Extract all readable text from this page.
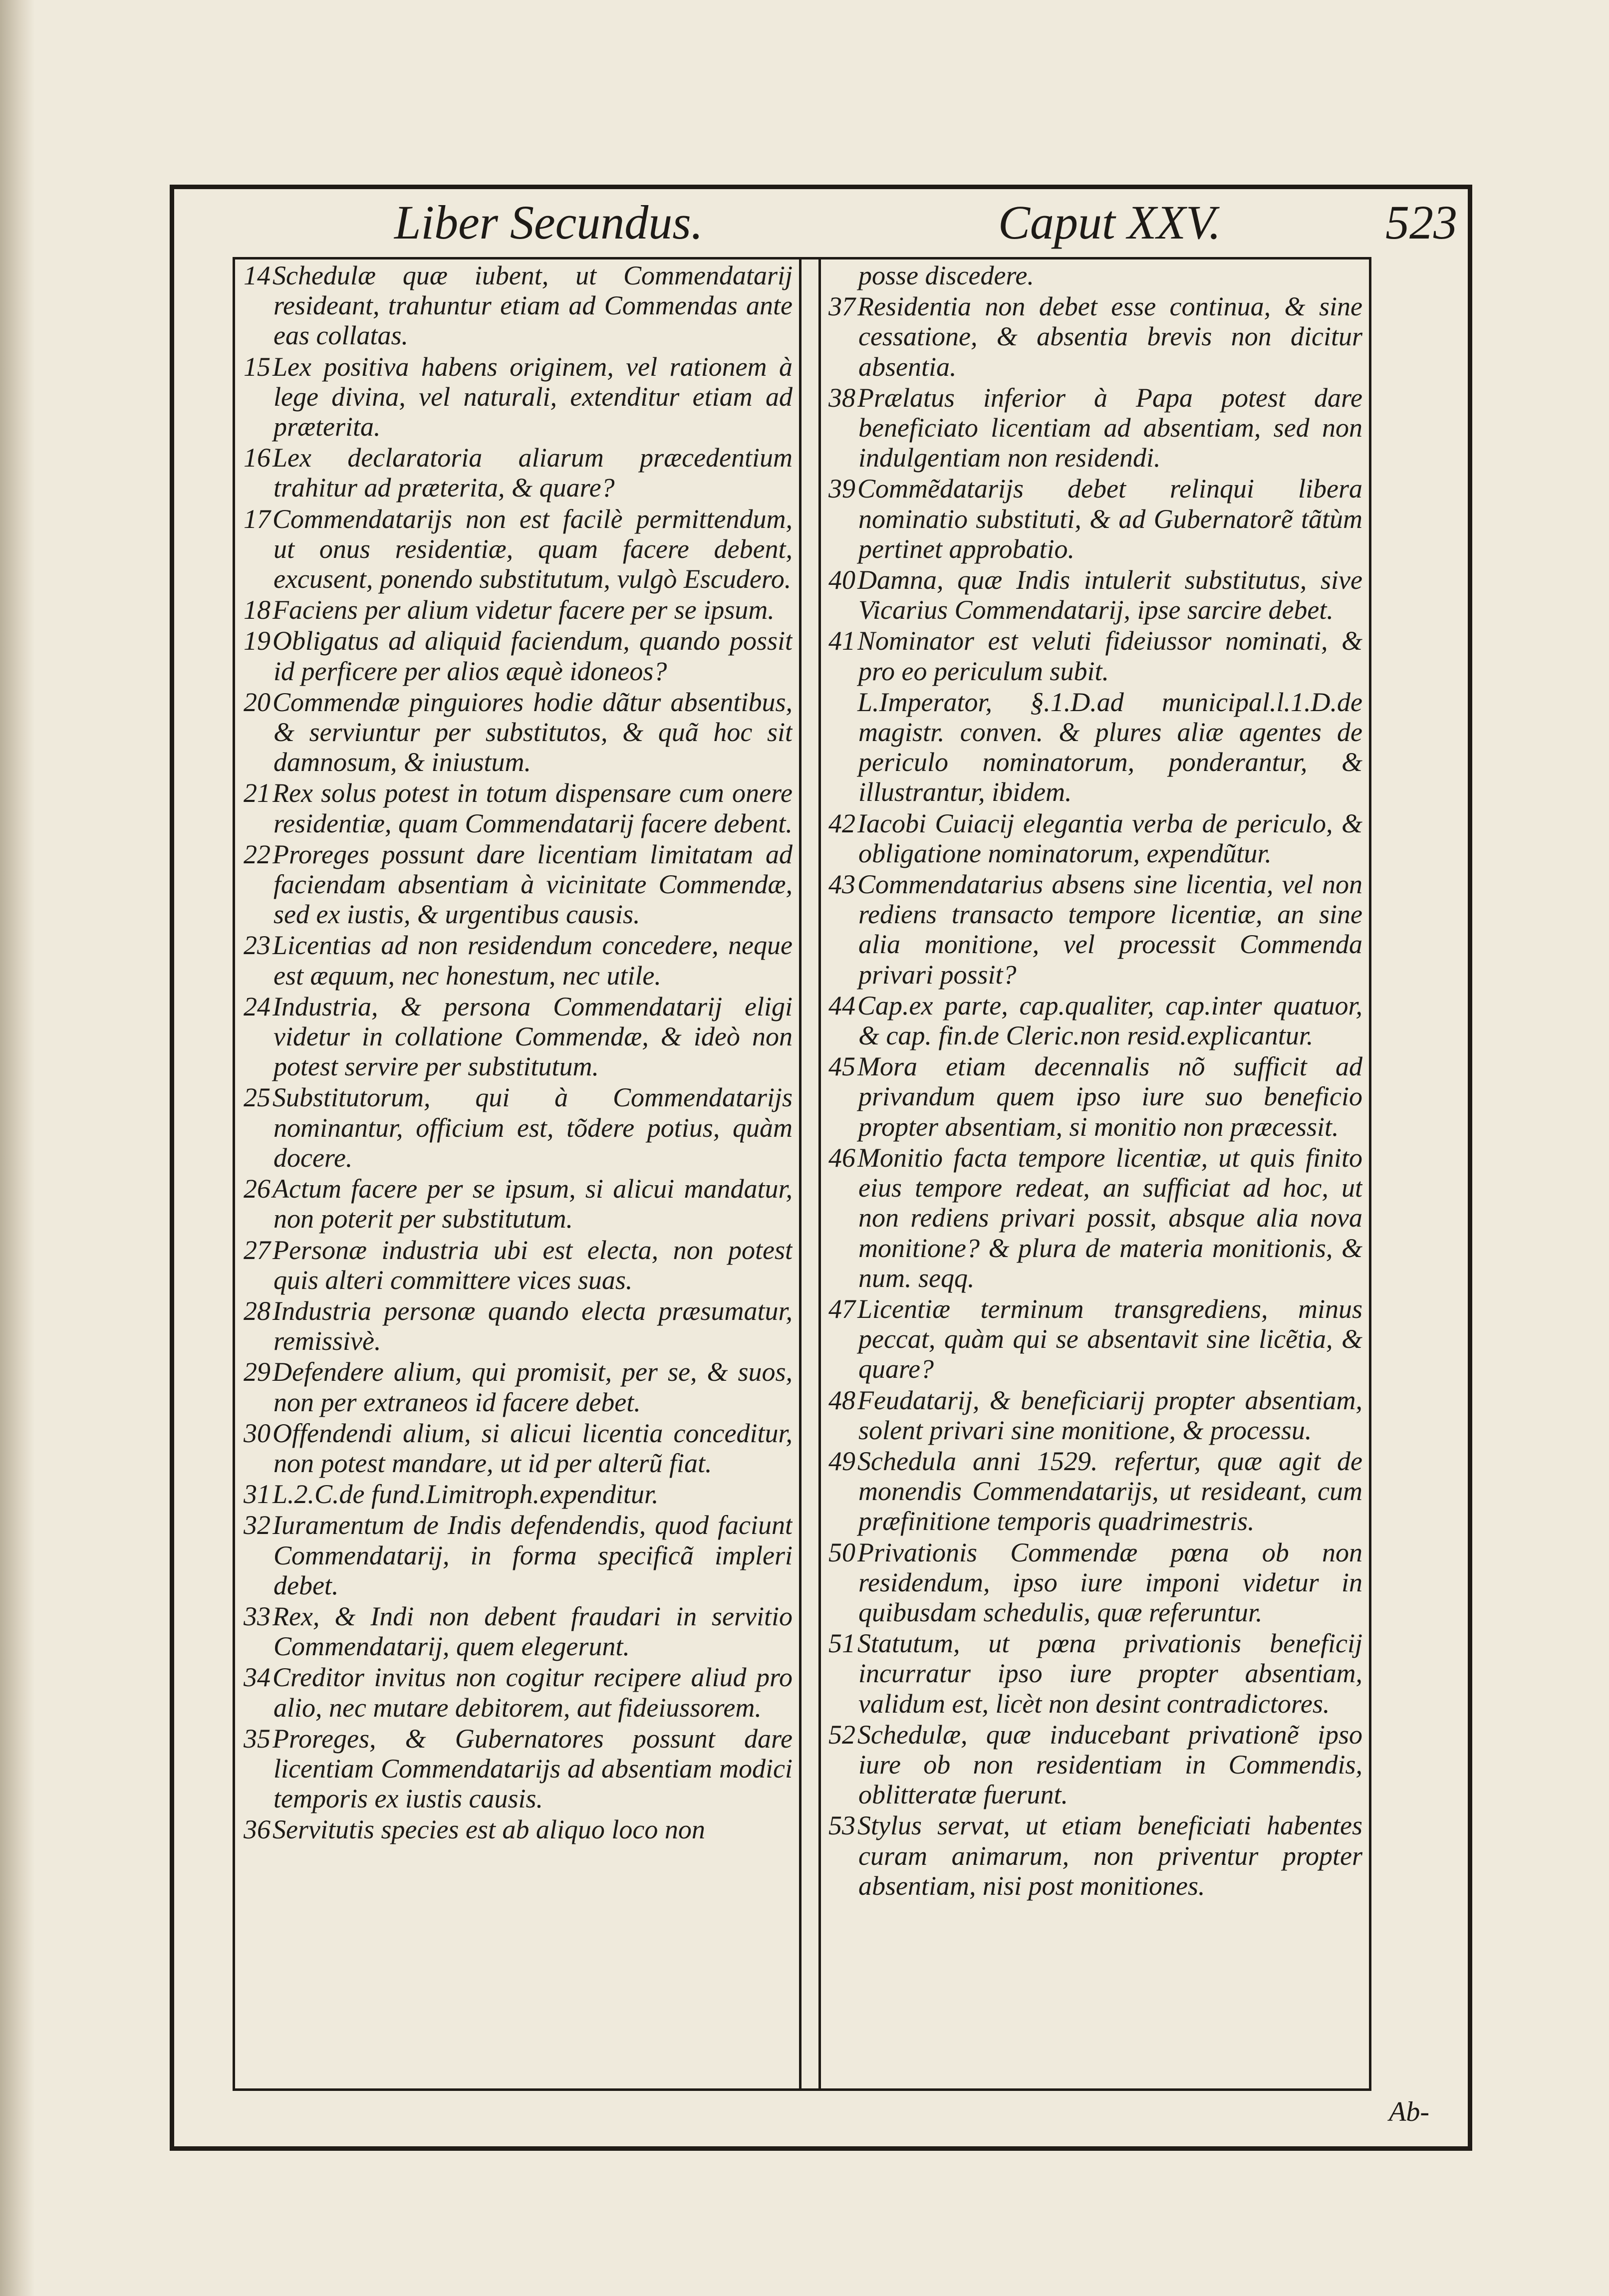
Liber Secundus.	Caput XXV.	523
14Schedulæ quæ iubent, ut Commendatarij resideant, trahuntur etiam ad Commendas ante eas collatas.
15Lex positiva habens originem, vel rationem à lege divina, vel naturali, extenditur etiam ad præterita.
16Lex declaratoria aliarum præcedentium trahitur ad præterita, & quare?
17Commendatarijs non est facilè permittendum, ut onus residentiæ, quam facere debent, excusent, ponendo substitutum, vulgò Escudero.
18Faciens per alium videtur facere per se ipsum.
19Obligatus ad aliquid faciendum, quando possit id perficere per alios æquè idoneos?
20Commendæ pinguiores hodie dãtur absentibus, & serviuntur per substitutos, & quã hoc sit damnosum, & iniustum.
21Rex solus potest in totum dispensare cum onere residentiæ, quam Commendatarij facere debent.
22Proreges possunt dare licentiam limitatam ad faciendam absentiam à vicinitate Commendæ, sed ex iustis, & urgentibus causis.
23Licentias ad non residendum concedere, neque est æquum, nec honestum, nec utile.
24Industria, & persona Commendatarij eligi videtur in collatione Commendæ, & ideò non potest servire per substitutum.
25Substitutorum, qui à Commendatarijs nominantur, officium est, tõdere potius, quàm docere.
26Actum facere per se ipsum, si alicui mandatur, non poterit per substitutum.
27Personæ industria ubi est electa, non potest quis alteri committere vices suas.
28Industria personæ quando electa præsumatur, remissivè.
29Defendere alium, qui promisit, per se, & suos, non per extraneos id facere debet.
30Offendendi alium, si alicui licentia conceditur, non potest mandare, ut id per alterũ fiat.
31L.2.C.de fund.Limitroph.expenditur.
32Iuramentum de Indis defendendis, quod faciunt Commendatarij, in forma specificã impleri debet.
33Rex, & Indi non debent fraudari in servitio Commendatarij, quem elegerunt.
34Creditor invitus non cogitur recipere aliud pro alio, nec mutare debitorem, aut fideiussorem.
35Proreges, & Gubernatores possunt dare licentiam Commendatarijs ad absentiam modici temporis ex iustis causis.
36Servitutis species est ab aliquo loco non
posse discedere.
37Residentia non debet esse continua, & sine cessatione, & absentia brevis non dicitur absentia.
38Prælatus inferior à Papa potest dare beneficiato licentiam ad absentiam, sed non indulgentiam non residendi.
39Commẽdatarijs debet relinqui libera nominatio substituti, & ad Gubernatorẽ tãtùm pertinet approbatio.
40Damna, quæ Indis intulerit substitutus, sive Vicarius Commendatarij, ipse sarcire debet.
41Nominator est veluti fideiussor nominati, & pro eo periculum subit.
L.Imperator, §.1.D.ad municipal.l.1.D.de magistr. conven. & plures aliæ agentes de periculo nominatorum, ponderantur, & illustrantur, ibidem.
42Iacobi Cuiacij elegantia verba de periculo, & obligatione nominatorum, expendũtur.
43Commendatarius absens sine licentia, vel non rediens transacto tempore licentiæ, an sine alia monitione, vel processit Commenda privari possit?
44Cap.ex parte, cap.qualiter, cap.inter quatuor, & cap. fin.de Cleric.non resid.explicantur.
45Mora etiam decennalis nõ sufficit ad privandum quem ipso iure suo beneficio propter absentiam, si monitio non præcessit.
46Monitio facta tempore licentiæ, ut quis finito eius tempore redeat, an sufficiat ad hoc, ut non rediens privari possit, absque alia nova monitione? & plura de materia monitionis, & num. seqq.
47Licentiæ terminum transgrediens, minus peccat, quàm qui se absentavit sine licẽtia, & quare?
48Feudatarij, & beneficiarij propter absentiam, solent privari sine monitione, & processu.
49Schedula anni 1529. refertur, quæ agit de monendis Commendatarijs, ut resideant, cum præfinitione temporis quadrimestris.
50Privationis Commendæ pœna ob non residendum, ipso iure imponi videtur in quibusdam schedulis, quæ referuntur.
51Statutum, ut pœna privationis beneficij incurratur ipso iure propter absentiam, validum est, licèt non desint contradictores.
52Schedulæ, quæ inducebant privationẽ ipso iure ob non residentiam in Commendis, oblitteratæ fuerunt.
53Stylus servat, ut etiam beneficiati habentes curam animarum, non priventur propter absentiam, nisi post monitiones.
Ab-
